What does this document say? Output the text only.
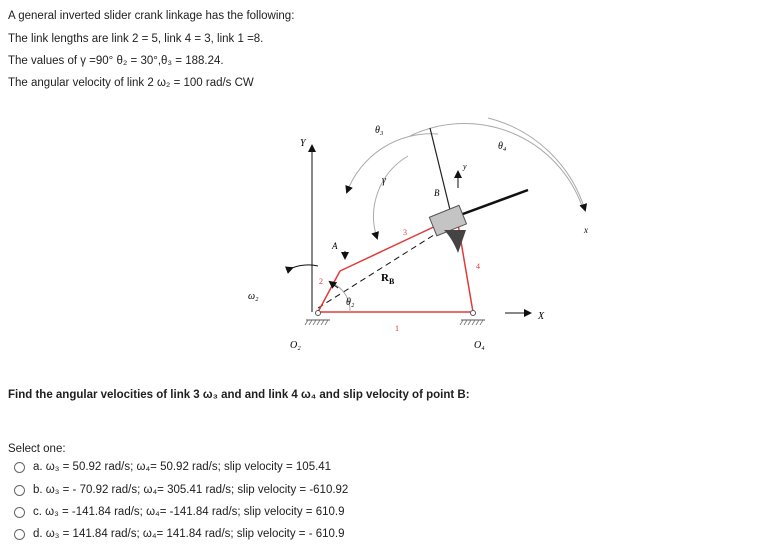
A general inverted slider crank linkage has the following:
The link lengths are link 2 = 5, link 4 = 3, link 1 =8.
The values of γ =90° θ₂ = 30°,θ₃ = 188.24.
The angular velocity of link 2 ω₂ = 100 rad/s CW
Y
X
θ₄
θ₃
γ
x
$R_B$
3
2
1
4
B
y
A
θ₂
ω₂
O₂	O₄
Find the angular velocities of link 3 ω₃ and and link 4 ω₄ and slip velocity of point B:
Select one:
a. ω₃ = 50.92 rad/s; ω₄= 50.92 rad/s; slip velocity = 105.41
b. ω₃ = - 70.92 rad/s; ω₄= 305.41 rad/s; slip velocity = -610.92
c. ω₃ = -141.84 rad/s; ω₄= -141.84 rad/s; slip velocity = 610.9
d. ω₃ = 141.84 rad/s; ω₄= 141.84 rad/s; slip velocity = - 610.9
